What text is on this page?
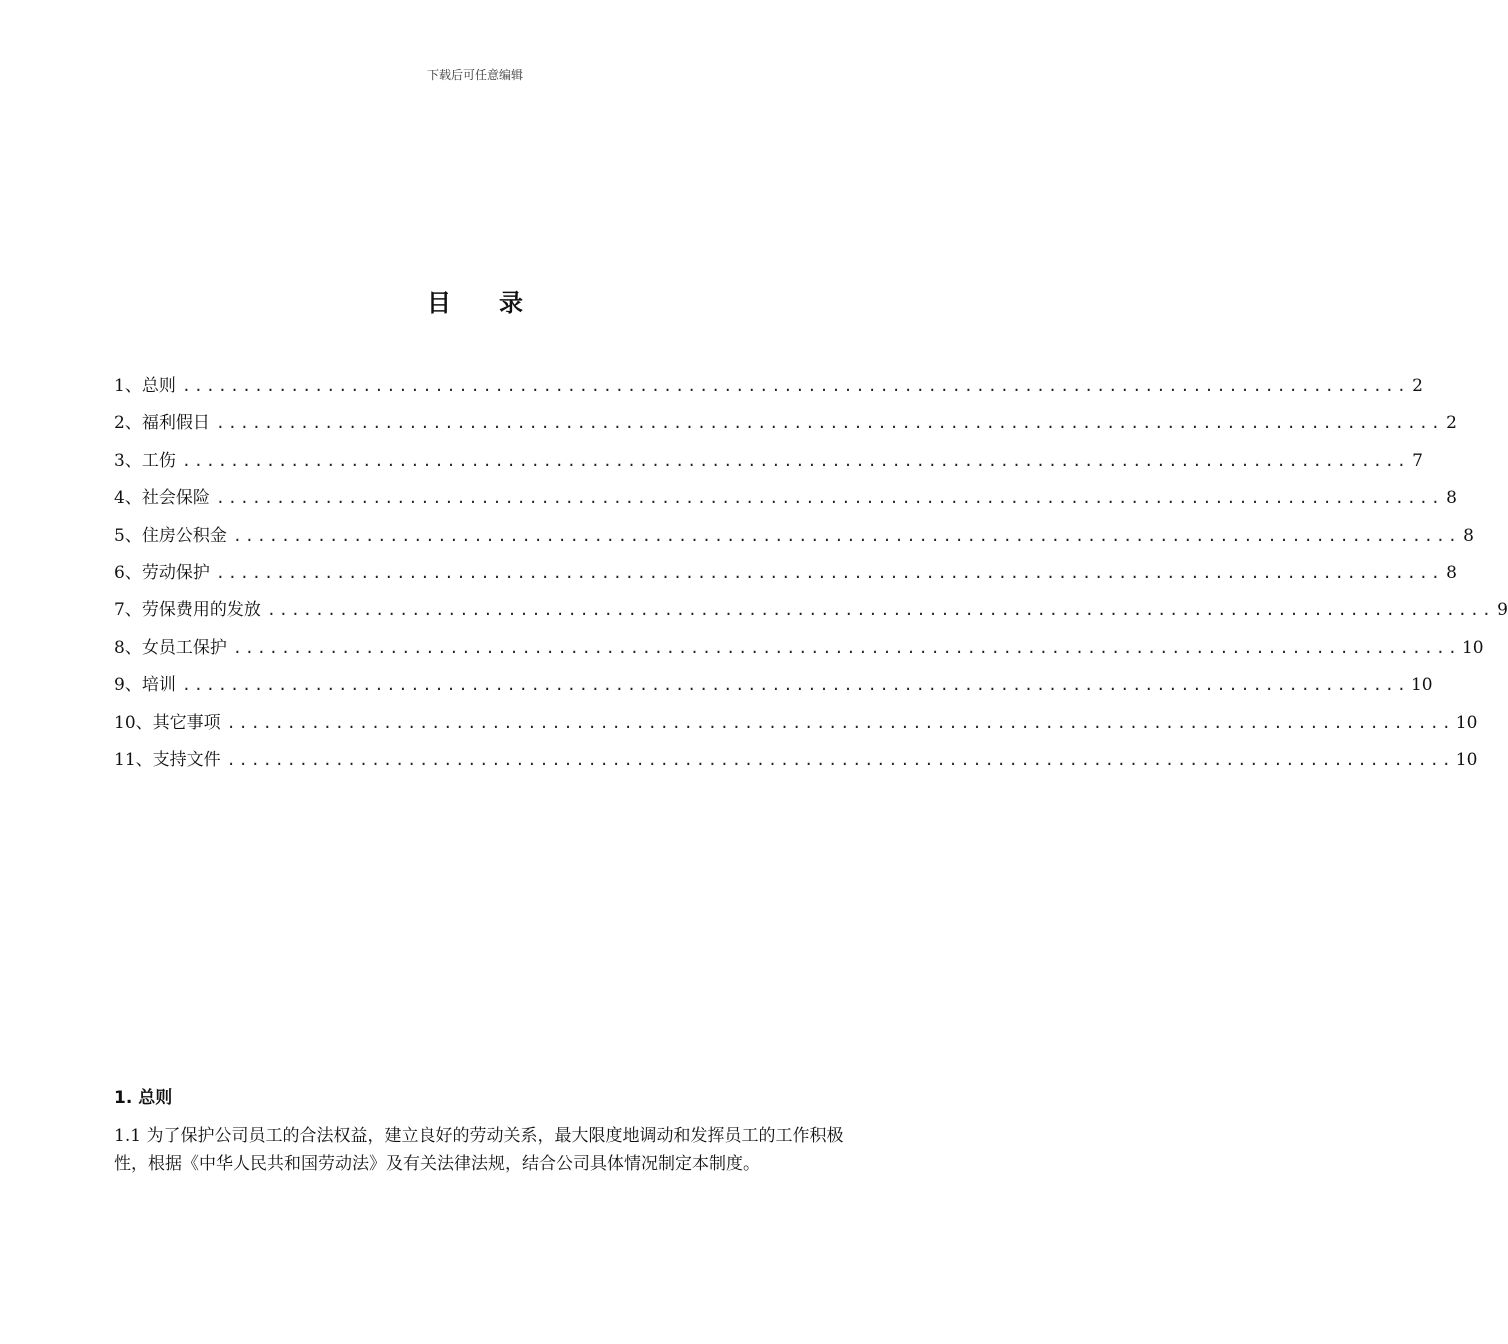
下载后可任意编辑
目 录
1、总则 ...................................................................................................... 2
2、福利假日 ...................................................................................................... 2
3、工伤 ...................................................................................................... 7
4、社会保险 ...................................................................................................... 8
5、住房公积金 ...................................................................................................... 8
6、劳动保护 ...................................................................................................... 8
7、劳保费用的发放 ...................................................................................................... 9
8、女员工保护 ...................................................................................................... 10
9、培训 ...................................................................................................... 10
10、其它事项 ...................................................................................................... 10
11、支持文件 ...................................................................................................... 10
1. 总则

1.1 为了保护公司员工的合法权益，建立良好的劳动关系，最大限度地调动和发挥员工的工作积极性，根据《中华人民共和国劳动法》及有关法律法规，结合公司具体情况制定本制度。
